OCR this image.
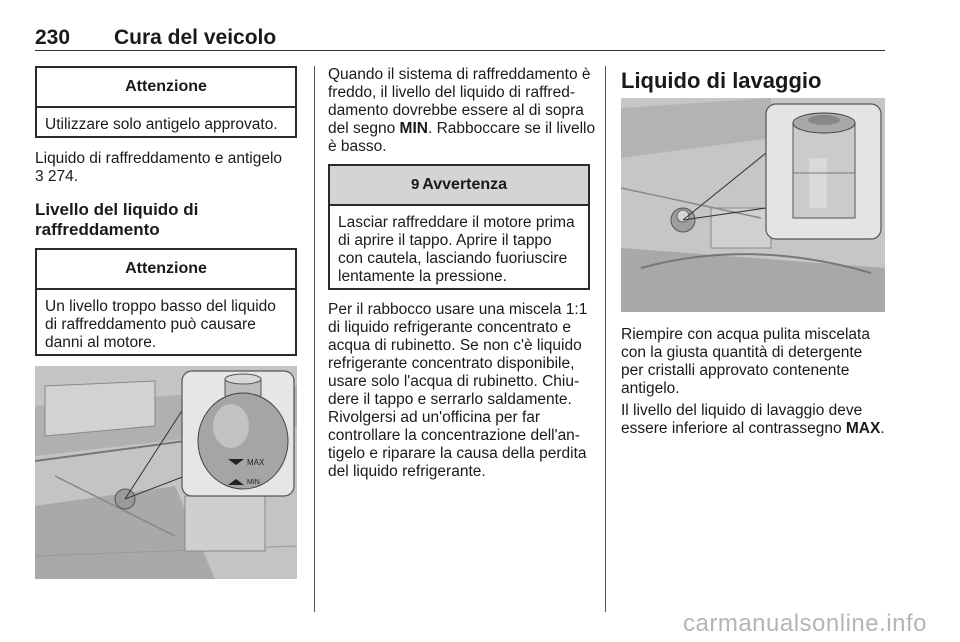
230 Cura del veicolo
Attenzione
Utilizzare solo antigelo approvato.
Liquido di raffreddamento e antigelo
3 274.
Livello del liquido di raffreddamento
Attenzione
Un livello troppo basso del liquido di raffreddamento può causare danni al motore.
MAX
MIN
Quando il sistema di raffreddamento è freddo, il livello del liquido di raffred-damento dovrebbe essere al di sopra del segno MIN. Rabboccare se il livello è basso.
9 Avvertenza
Lasciar raffreddare il motore prima di aprire il tappo. Aprire il tappo con cautela, lasciando fuoriuscire lentamente la pressione.
Per il rabbocco usare una miscela 1:1 di liquido refrigerante concentrato e acqua di rubinetto. Se non c'è liquido refrigerante concentrato disponibile, usare solo l'acqua di rubinetto. Chiu-dere il tappo e serrarlo saldamente. Rivolgersi ad un'officina per far controllare la concentrazione dell'an-tigelo e riparare la causa della perdita del liquido refrigerante.
Liquido di lavaggio
Riempire con acqua pulita miscelata con la giusta quantità di detergente per cristalli approvato contenente antigelo.
Il livello del liquido di lavaggio deve essere inferiore al contrassegno MAX.
carmanualsonline.info
